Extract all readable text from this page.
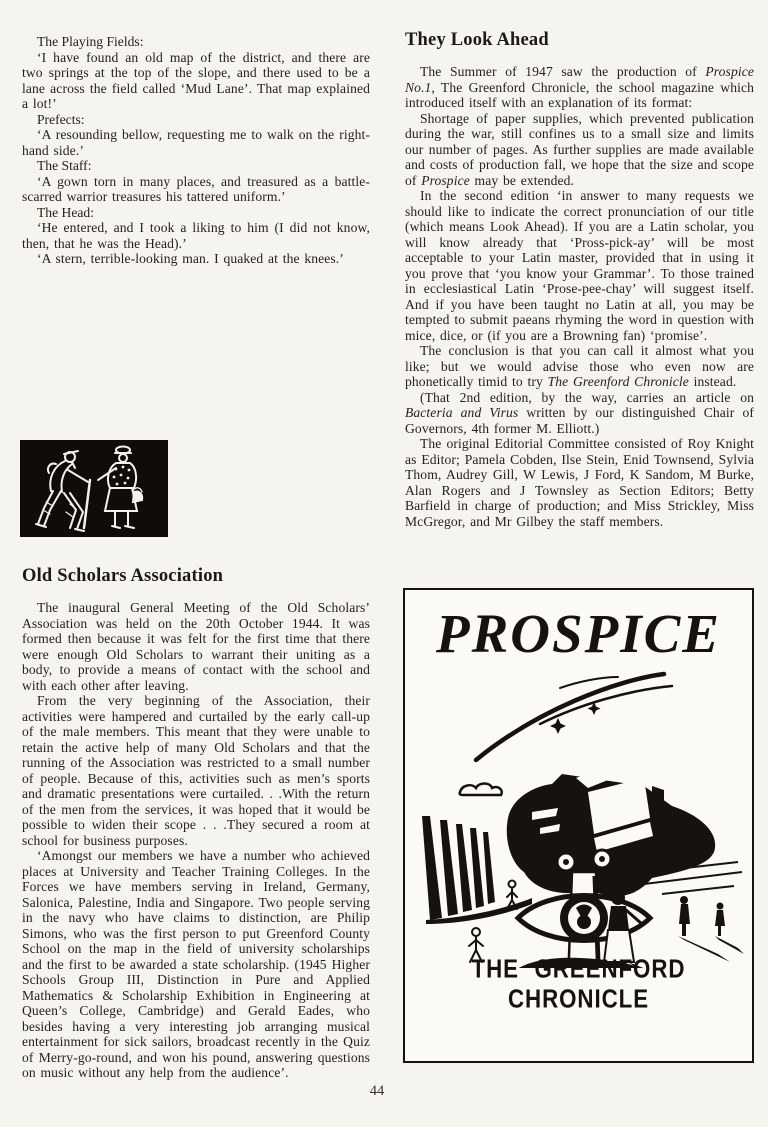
The Playing Fields:

‘I have found an old map of the district, and there are two springs at the top of the slope, and there used to be a lane across the field called ‘Mud Lane’. That map explained a lot!’

Prefects:

‘A resounding bellow, requesting me to walk on the right-hand side.’

The Staff:

‘A gown torn in many places, and treasured as a battle-scarred warrior treasures his tattered uniform.’

The Head:

‘He entered, and I took a liking to him (I did not know, then, that he was the Head).’

‘A stern, terrible-looking man. I quaked at the knees.’

Old Scholars Association

The inaugural General Meeting of the Old Scholars’ Association was held on the 20th October 1944. It was formed then because it was felt for the first time that there were enough Old Scholars to warrant their uniting as a body, to provide a means of contact with the school and with each other after leaving.

From the very beginning of the Association, their activities were hampered and curtailed by the early call-up of the male members. This meant that they were unable to retain the active help of many Old Scholars and that the running of the Association was restricted to a small number of people. Because of this, activities such as men’s sports and dramatic presentations were curtailed. . .With the return of the men from the services, it was hoped that it would be possible to widen their scope . . .They secured a room at school for business purposes.

‘Amongst our members we have a number who achieved places at University and Teacher Training Colleges. In the Forces we have members serving in Ireland, Germany, Salonica, Palestine, India and Singapore. Two people serving in the navy who have claims to distinction, are Philip Simons, who was the first person to put Greenford County School on the map in the field of university scholarships and the first to be awarded a state scholarship. (1945 Higher Schools Group III, Distinction in Pure and Applied Mathematics & Scholarship Exhibition in Engineering at Queen’s College, Cambridge) and Gerald Eades, who besides having a very interesting job arranging musical entertainment for sick sailors, broadcast recently in the Quiz of Merry-go-round, and won his pound, answering questions on music without any help from the audience’.

They Look Ahead

The Summer of 1947 saw the production of Prospice No.1, The Greenford Chronicle, the school magazine which introduced itself with an explanation of its format:

Shortage of paper supplies, which prevented publication during the war, still confines us to a small size and limits our number of pages. As further supplies are made available and costs of production fall, we hope that the size and scope of Prospice may be extended.

In the second edition ‘in answer to many requests we should like to indicate the correct pronunciation of our title (which means Look Ahead). If you are a Latin scholar, you will know already that ‘Pross-pick-ay’ will be most acceptable to your Latin master, provided that in using it you prove that ‘you know your Grammar’. To those trained in ecclesiastical Latin ‘Prose-pee-chay’ will suggest itself. And if you have been taught no Latin at all, you may be tempted to submit paeans rhyming the word in question with mice, dice, or (if you are a Browning fan) ‘promise’.

The conclusion is that you can call it almost what you like; but we would advise those who even now are phonetically timid to try The Greenford Chronicle instead.

(That 2nd edition, by the way, carries an article on Bacteria and Virus written by our distinguished Chair of Governors, 4th former M. Elliott.)

The original Editorial Committee consisted of Roy Knight as Editor; Pamela Cobden, Ilse Stein, Enid Townsend, Sylvia Thom, Audrey Gill, W Lewis, J Ford, K Sandom, M Burke, Alan Rogers and J Townsley as Section Editors; Betty Barfield in charge of production; and Miss Strickley, Miss McGregor, and Mr Gilbey the staff members.

PROSPICE
THE GREENFORD CHRONICLE
44
